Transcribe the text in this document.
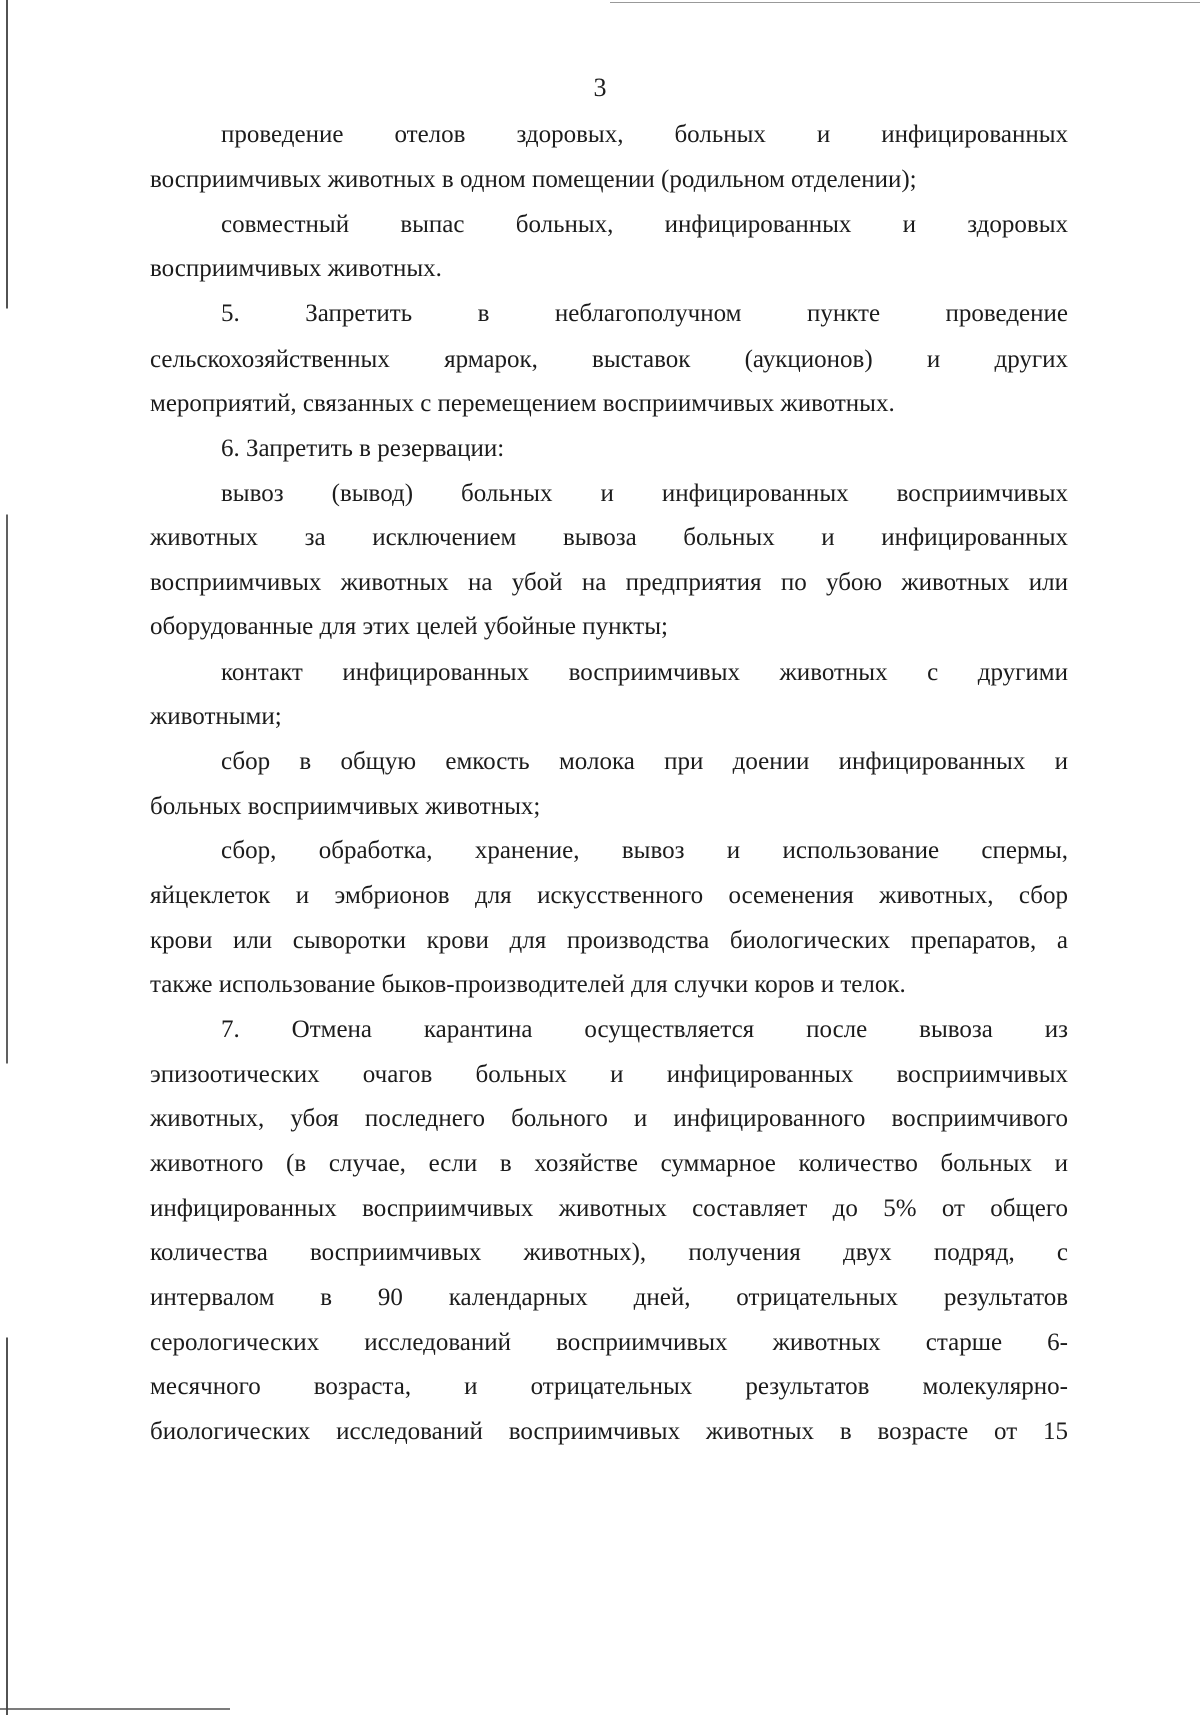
3
проведение отелов здоровых, больных и инфицированных
восприимчивых животных в одном помещении (родильном отделении);
совместный выпас больных, инфицированных и здоровых
восприимчивых животных.
5. Запретить в неблагополучном пункте проведение
сельскохозяйственных ярмарок, выставок (аукционов) и других
мероприятий, связанных с перемещением восприимчивых животных.
6. Запретить в резервации:
вывоз (вывод) больных и инфицированных восприимчивых
животных за исключением вывоза больных и инфицированных
восприимчивых животных на убой на предприятия по убою животных или
оборудованные для этих целей убойные пункты;
контакт инфицированных восприимчивых животных с другими
животными;
сбор в общую емкость молока при доении инфицированных и
больных восприимчивых животных;
сбор, обработка, хранение, вывоз и использование спермы,
яйцеклеток и эмбрионов для искусственного осеменения животных, сбор
крови или сыворотки крови для производства биологических препаратов, а
также использование быков-производителей для случки коров и телок.
7. Отмена карантина осуществляется после вывоза из
эпизоотических очагов больных и инфицированных восприимчивых
животных, убоя последнего больного и инфицированного восприимчивого
животного (в случае, если в хозяйстве суммарное количество больных и
инфицированных восприимчивых животных составляет до 5% от общего
количества восприимчивых животных), получения двух подряд, с
интервалом в 90 календарных дней, отрицательных результатов
серологических исследований восприимчивых животных старше 6-
месячного возраста, и отрицательных результатов молекулярно-
биологических исследований восприимчивых животных в возрасте от 15
